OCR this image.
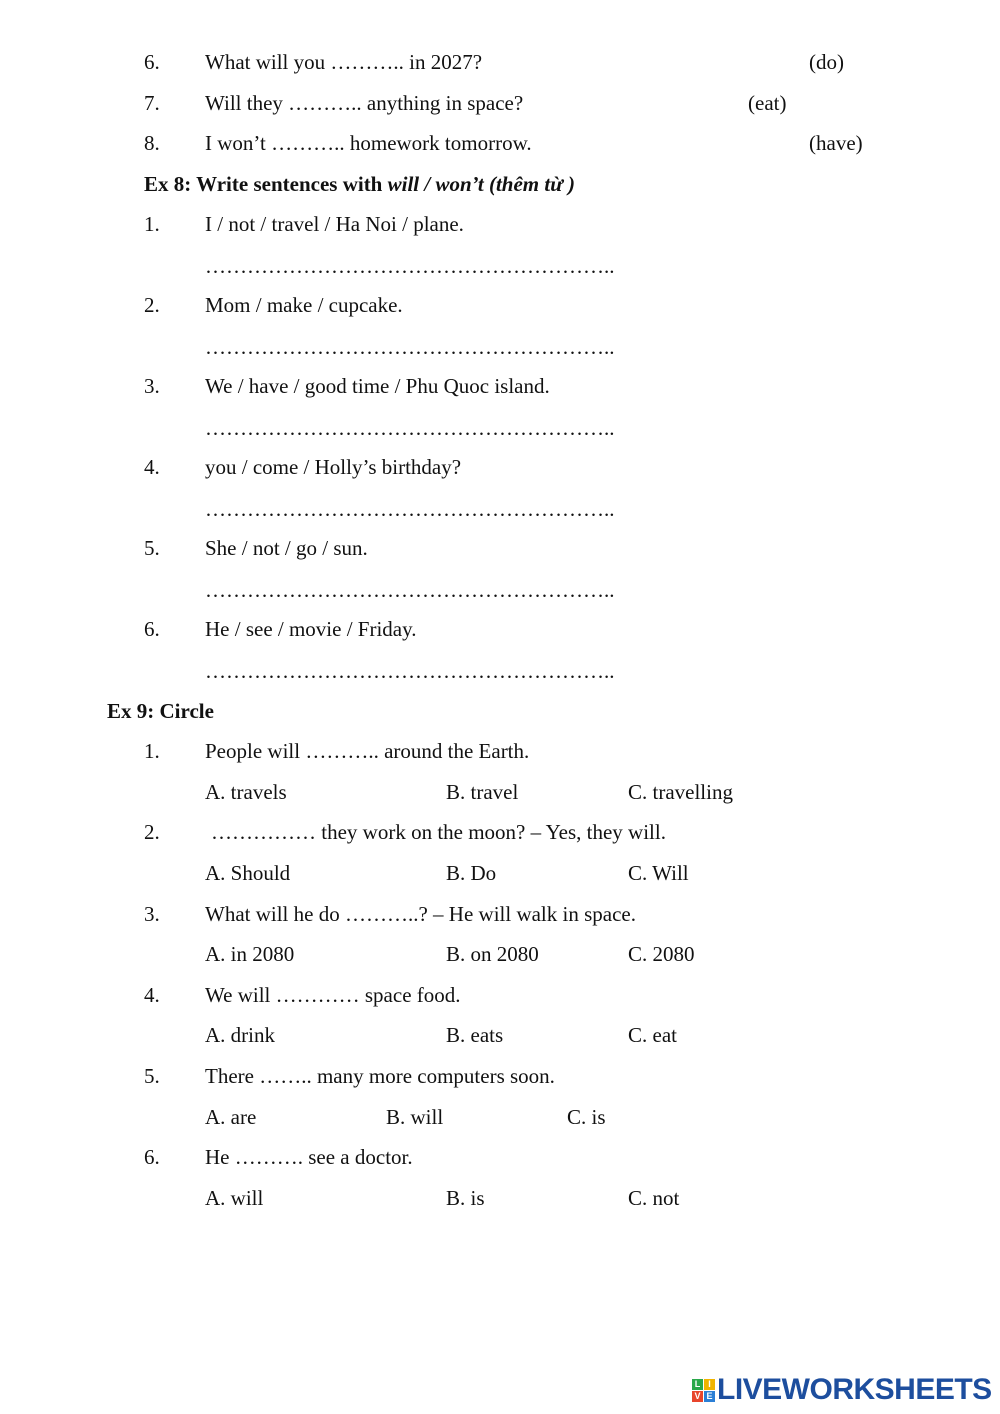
6. What will you ……….. in 2027?	(do)
7. Will they ……….. anything in space?	(eat)
8. I won’t ……….. homework tomorrow.	(have)
Ex 8: Write sentences with will / won’t (thêm từ )
1. I / not / travel / Ha Noi / plane.
…………………………………………………..
2. Mom / make / cupcake.
…………………………………………………..
3. We / have / good time / Phu Quoc island.
…………………………………………………..
4. you / come / Holly’s birthday?
…………………………………………………..
5. She / not / go / sun.
…………………………………………………..
6. He / see / movie / Friday.
…………………………………………………..
Ex 9: Circle
1. People will ……….. around the Earth.
A. travels	B. travel	C. travelling
2. …………… they work on the moon? – Yes, they will.
A. Should	B. Do	C. Will
3. What will he do ………..? – He will walk in space.
A. in 2080	B. on 2080	C. 2080
4. We will ………… space food.
A. drink	B. eats	C. eat
5. There …….. many more computers soon.
A. are	B. will	C. is
6. He ………. see a doctor.
A. will	B. is	C. not
L I
V E LIVEWORKSHEETS
